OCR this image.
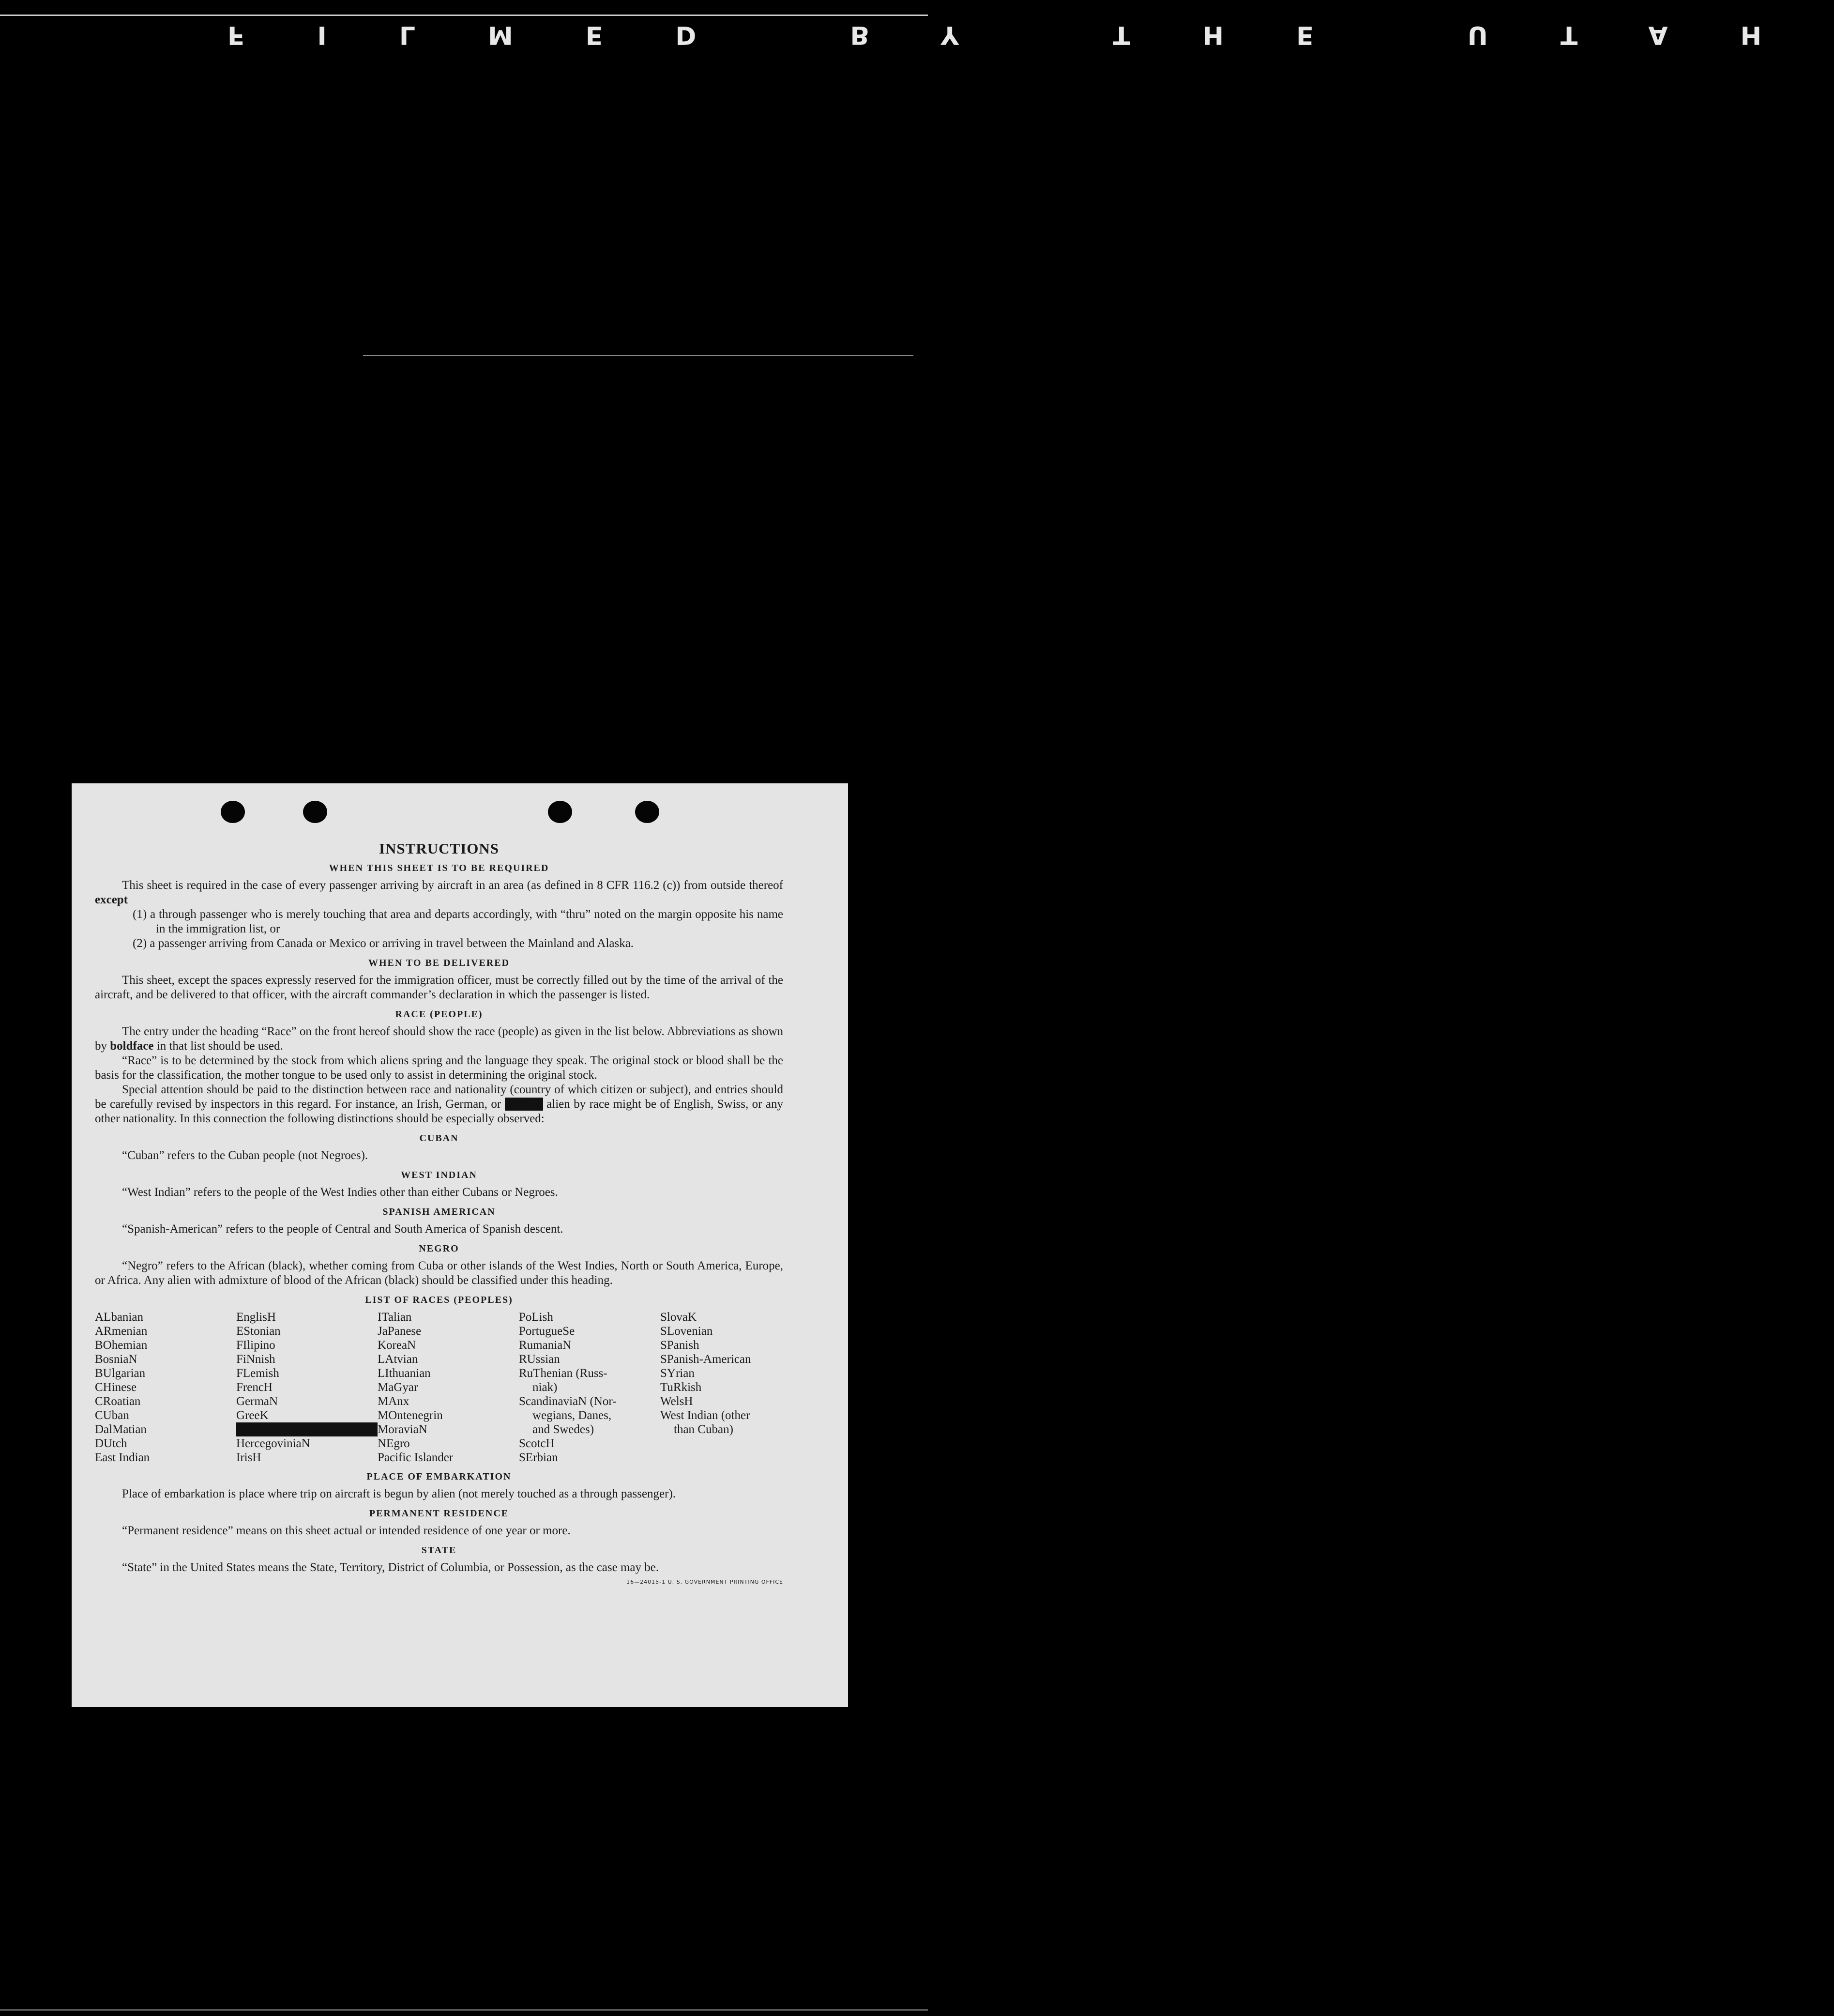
FILMED BY THE UTAH
INSTRUCTIONS
WHEN THIS SHEET IS TO BE REQUIRED

This sheet is required in the case of every passenger arriving by aircraft in an area (as defined in 8 CFR 116.2 (c)) from outside thereof except

(1) a through passenger who is merely touching that area and departs accordingly, with “thru” noted on the margin opposite his name in the immigration list, or
(2) a passenger arriving from Canada or Mexico or arriving in travel between the Mainland and Alaska.
WHEN TO BE DELIVERED

This sheet, except the spaces expressly reserved for the immigration officer, must be correctly filled out by the time of the arrival of the aircraft, and be delivered to that officer, with the aircraft commander’s declaration in which the passenger is listed.

RACE (PEOPLE)

The entry under the heading “Race” on the front hereof should show the race (people) as given in the list below. Abbreviations as shown by boldface in that list should be used.

“Race” is to be determined by the stock from which aliens spring and the language they speak. The original stock or blood shall be the basis for the classification, the mother tongue to be used only to assist in determining the original stock.

Special attention should be paid to the distinction between race and nationality (country of which citizen or subject), and entries should be carefully revised by inspectors in this regard. For instance, an Irish, German, or Hebrew alien by race might be of English, Swiss, or any other nationality. In this connection the following distinctions should be especially observed:

CUBAN

“Cuban” refers to the Cuban people (not Negroes).

WEST INDIAN

“West Indian” refers to the people of the West Indies other than either Cubans or Negroes.

SPANISH AMERICAN

“Spanish-American” refers to the people of Central and South America of Spanish descent.

NEGRO

“Negro” refers to the African (black), whether coming from Cuba or other islands of the West Indies, North or South America, Europe, or Africa. Any alien with admixture of blood of the African (black) should be classified under this heading.

LIST OF RACES (PEOPLES)
ALbanian
ARmenian
BOhemian
BosniaN
BUlgarian
CHinese
CRoatian
CUban
DalMatian
DUtch
East Indian
EnglisH
EStonian
FIlipino
FiNnish
FLemish
FrencH
GermaN
GreeK
HeBrew
HercegoviniaN
IrisH
ITalian
JaPanese
KoreaN
LAtvian
LIthuanian
MaGyar
MAnx
MOntenegrin
MoraviaN
NEgro
Pacific Islander
PoLish
PortugueSe
RumaniaN
RUssian
RuThenian (Russ-
niak)
ScandinaviaN (Nor-
wegians, Danes,
and Swedes)
ScotcH
SErbian
SlovaK
SLovenian
SPanish
SPanish-American
SYrian
TuRkish
WelsH
West Indian (other
than Cuban)
PLACE OF EMBARKATION

Place of embarkation is place where trip on aircraft is begun by alien (not merely touched as a through passenger).

PERMANENT RESIDENCE

“Permanent residence” means on this sheet actual or intended residence of one year or more.

STATE

“State” in the United States means the State, Territory, District of Columbia, or Possession, as the case may be.

16—24015-1 U. S. GOVERNMENT PRINTING OFFICE
